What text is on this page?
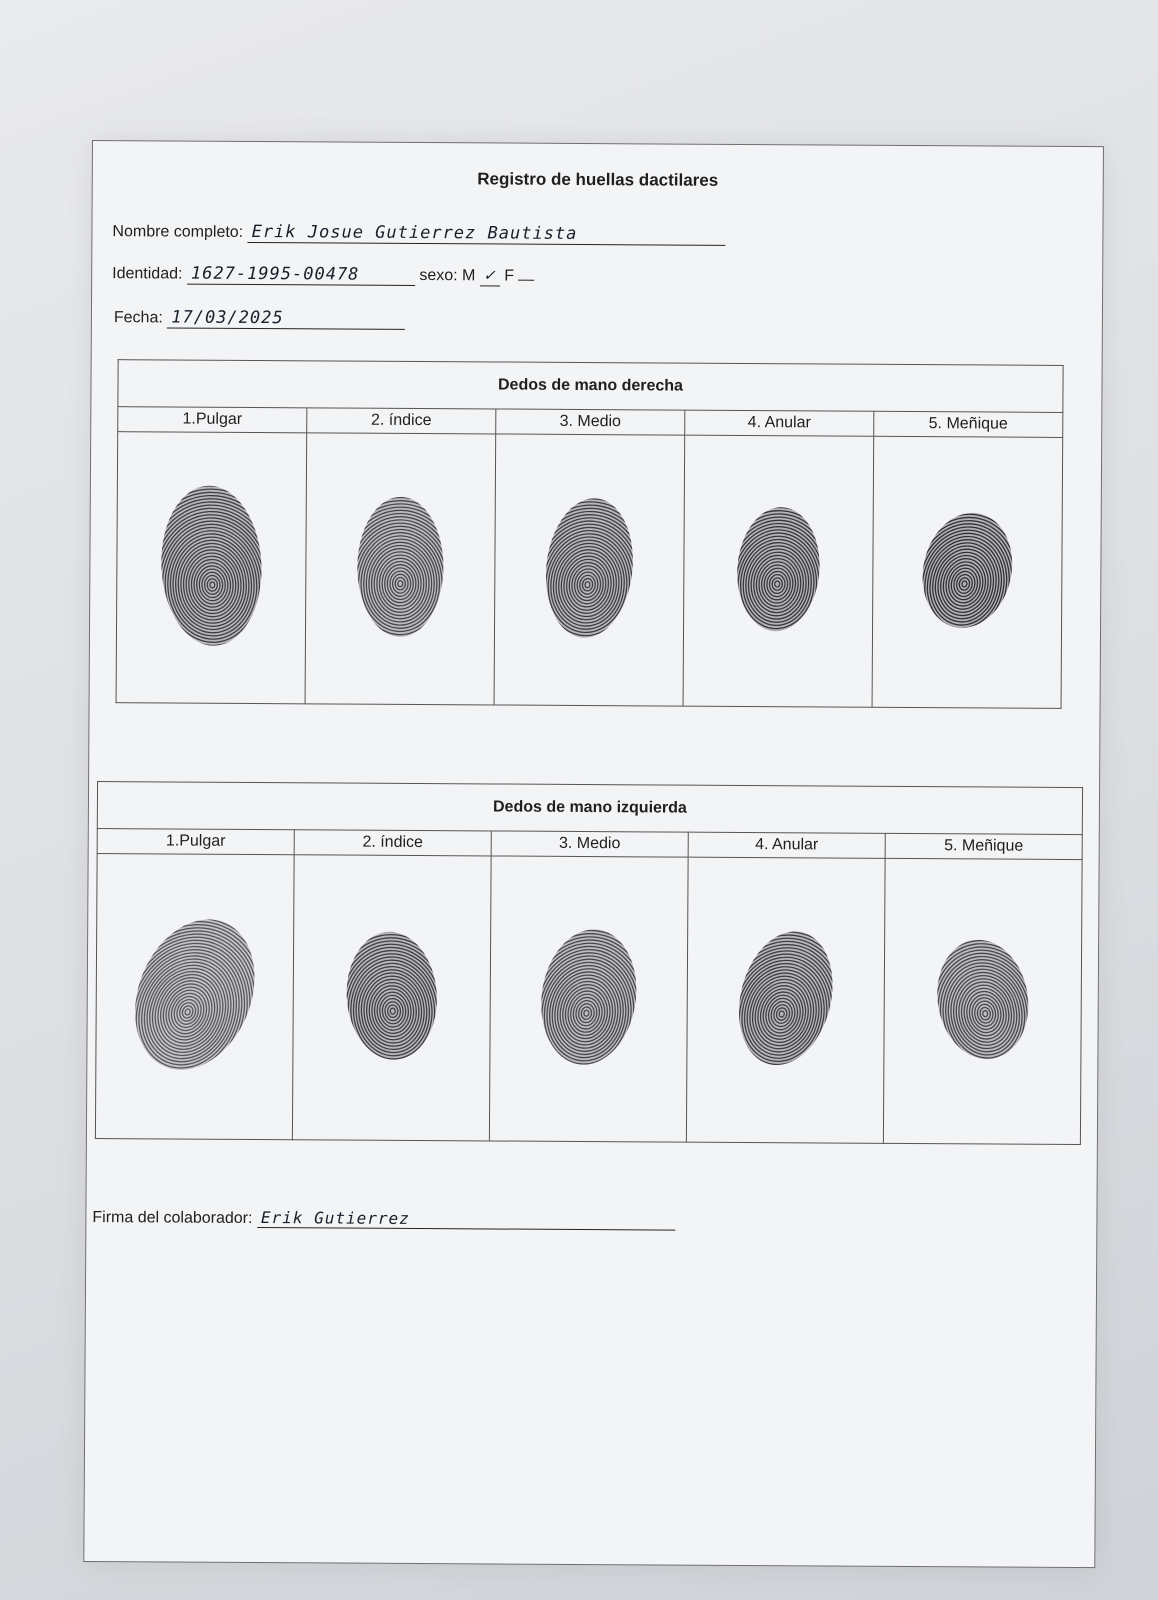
Registro de huellas dactilares
Nombre completo: Erik Josue Gutierrez Bautista
Identidad: 1627-1995-00478	sexo: M ✓ F
Fecha: 17/03/2025
Dedos de mano derecha				
1.Pulgar	2. índice	3. Medio	4. Anular	5. Meñique

Dedos de mano izquierda				
1.Pulgar	2. índice	3. Medio	4. Anular	5. Meñique

Firma del colaborador: Erik Gutierrez
